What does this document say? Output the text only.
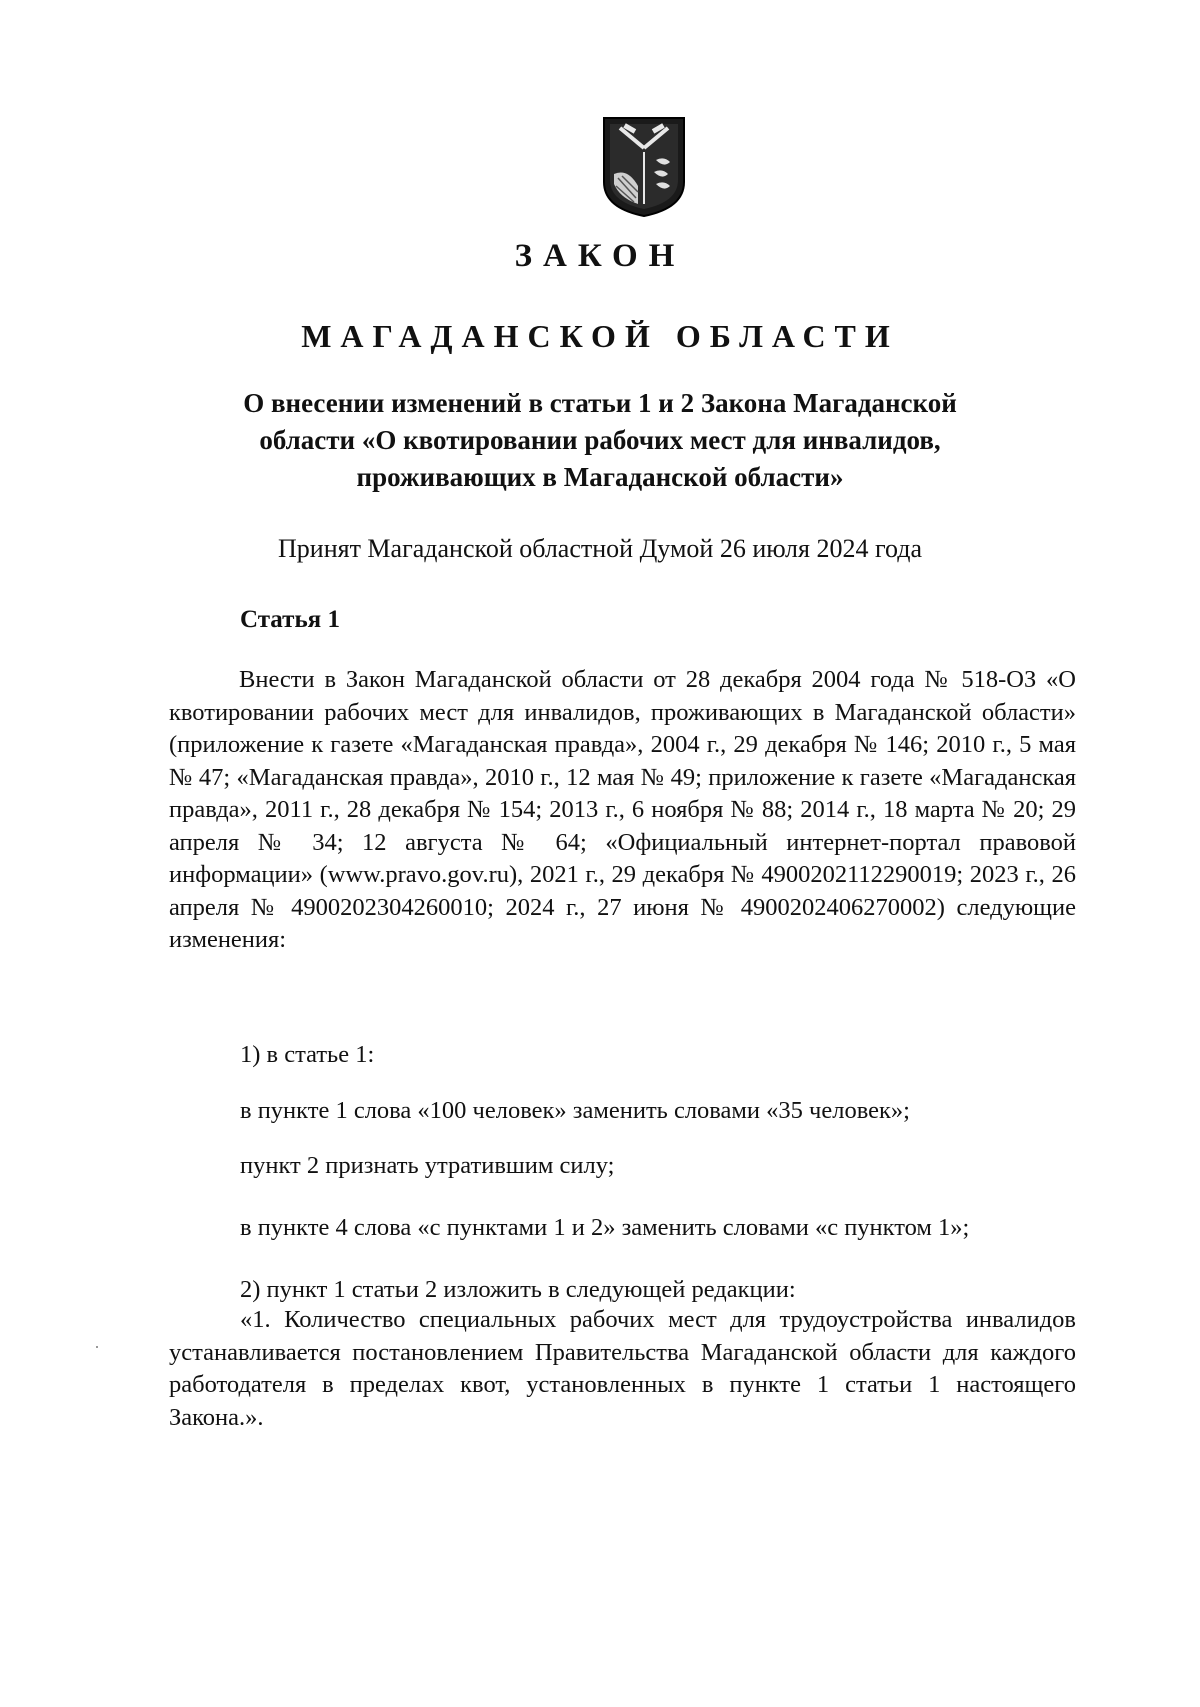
ЗАКОН
МАГАДАНСКОЙ ОБЛАСТИ
О внесении изменений в статьи 1 и 2 Закона Магаданской
области «О квотировании рабочих мест для инвалидов,
проживающих в Магаданской области»
Принят Магаданской областной Думой 26 июля 2024 года
Статья 1
Внести в Закон Магаданской области от 28 декабря 2004 года № 518-ОЗ «О квотировании рабочих мест для инвалидов, проживающих в Магаданской области» (приложение к газете «Магаданская правда», 2004 г., 29 декабря № 146; 2010 г., 5 мая № 47; «Магаданская правда», 2010 г., 12 мая № 49; приложение к газете «Магаданская правда», 2011 г., 28 декабря № 154; 2013 г., 6 ноября № 88; 2014 г., 18 марта № 20; 29 апреля № 34; 12 августа № 64; «Официальный интернет-портал правовой информации» (www.pravo.gov.ru), 2021 г., 29 декабря № 4900202112290019; 2023 г., 26 апреля № 4900202304260010; 2024 г., 27 июня № 4900202406270002) следующие изменения:
1) в статье 1:
в пункте 1 слова «100 человек» заменить словами «35 человек»;
пункт 2 признать утратившим силу;
в пункте 4 слова «с пунктами 1 и 2» заменить словами «с пунктом 1»;
2) пункт 1 статьи 2 изложить в следующей редакции:
«1. Количество специальных рабочих мест для трудоустройства инвалидов устанавливается постановлением Правительства Магаданской области для каждого работодателя в пределах квот, установленных в пункте 1 статьи 1 настоящего Закона.».
